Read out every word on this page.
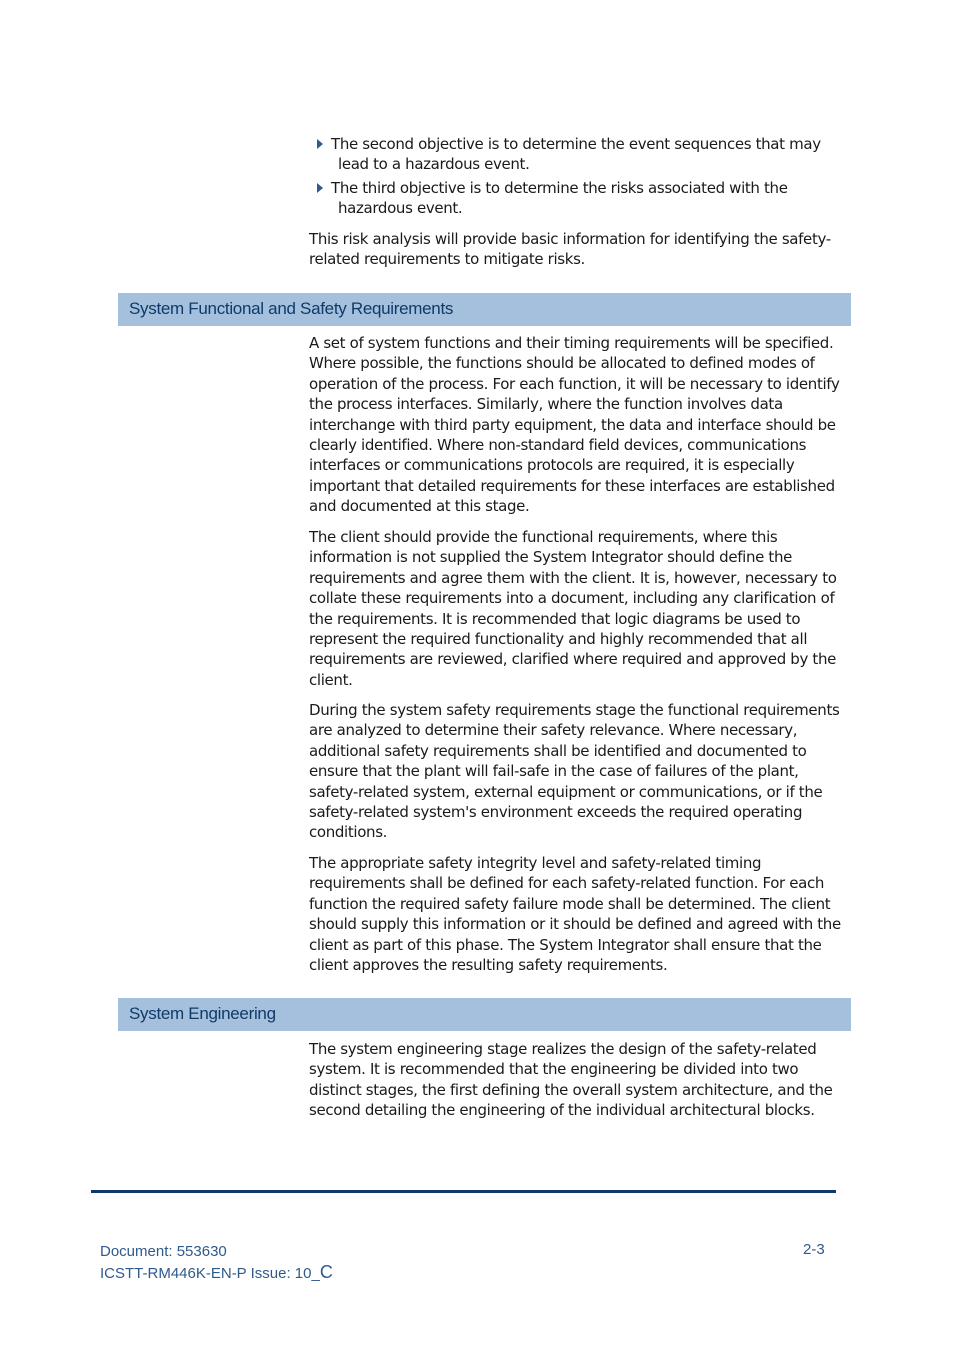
The second objective is to determine the event sequences that may
lead to a hazardous event.
The third objective is to determine the risks associated with the
hazardous event.

This risk analysis will provide basic information for identifying the safety-related requirements to mitigate risks.

System Functional and Safety Requirements

A set of system functions and their timing requirements will be specified. Where possible, the functions should be allocated to defined modes of operation of the process. For each function, it will be necessary to identify the process interfaces. Similarly, where the function involves data interchange with third party equipment, the data and interface should be clearly identified. Where non-standard field devices, communications interfaces or communications protocols are required, it is especially important that detailed requirements for these interfaces are established and documented at this stage.

The client should provide the functional requirements, where this information is not supplied the System Integrator should define the requirements and agree them with the client. It is, however, necessary to collate these requirements into a document, including any clarification of the requirements. It is recommended that logic diagrams be used to represent the required functionality and highly recommended that all requirements are reviewed, clarified where required and approved by the client.

During the system safety requirements stage the functional requirements are analyzed to determine their safety relevance. Where necessary, additional safety requirements shall be identified and documented to ensure that the plant will fail-safe in the case of failures of the plant, safety-related system, external equipment or communications, or if the safety-related system's environment exceeds the required operating conditions.

The appropriate safety integrity level and safety-related timing requirements shall be defined for each safety-related function. For each function the required safety failure mode shall be determined. The client should supply this information or it should be defined and agreed with the client as part of this phase. The System Integrator shall ensure that the client approves the resulting safety requirements.

System Engineering

The system engineering stage realizes the design of the safety-related system. It is recommended that the engineering be divided into two distinct stages, the first defining the overall system architecture, and the second detailing the engineering of the individual architectural blocks.

Document: 553630
ICSTT-RM446K-EN-P Issue: 10_C
2-3
